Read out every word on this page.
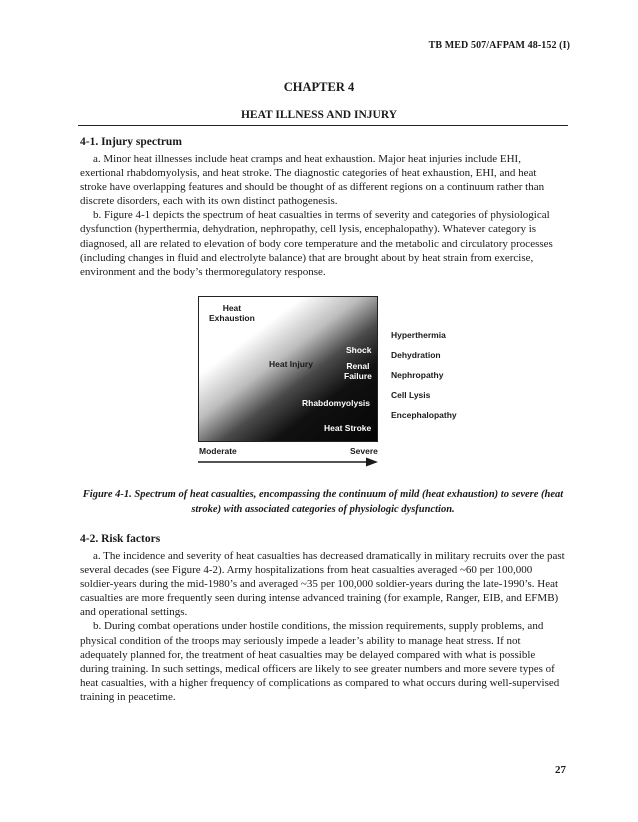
TB MED 507/AFPAM 48-152 (I)
CHAPTER 4
HEAT ILLNESS AND INJURY
4-1. Injury spectrum

a. Minor heat illnesses include heat cramps and heat exhaustion. Major heat injuries include EHI, exertional rhabdomyolysis, and heat stroke. The diagnostic categories of heat exhaustion, EHI, and heat stroke have overlapping features and should be thought of as different regions on a continuum rather than discrete disorders, each with its own distinct pathogenesis.

b. Figure 4-1 depicts the spectrum of heat casualties in terms of severity and categories of physiological dysfunction (hyperthermia, dehydration, nephropathy, cell lysis, encephalopathy). Whatever category is diagnosed, all are related to elevation of body core temperature and the metabolic and circulatory processes (including changes in fluid and electrolyte balance) that are brought about by heat strain from exercise, environment and the body’s thermoregulatory response.

Heat
Exhaustion
Heat Injury
Shock
Renal
Failure
Rhabdomyolysis
Heat Stroke
Hyperthermia
Dehydration
Nephropathy
Cell Lysis
Encephalopathy
Moderate	Severe
Figure 4-1. Spectrum of heat casualties, encompassing the continuum of mild (heat exhaustion) to severe (heat stroke) with associated categories of physiologic dysfunction.
4-2. Risk factors

a. The incidence and severity of heat casualties has decreased dramatically in military recruits over the past several decades (see Figure 4-2). Army hospitalizations from heat casualties averaged ~60 per 100,000 soldier-years during the mid-1980’s and averaged ~35 per 100,000 soldier-years during the late-1990’s. Heat casualties are more frequently seen during intense advanced training (for example, Ranger, EIB, and EFMB) and operational settings.

b. During combat operations under hostile conditions, the mission requirements, supply problems, and physical condition of the troops may seriously impede a leader’s ability to manage heat stress. If not adequately planned for, the treatment of heat casualties may be delayed compared with what is possible during training. In such settings, medical officers are likely to see greater numbers and more severe types of heat casualties, with a higher frequency of complications as compared to what occurs during well-supervised training in peacetime.

27
